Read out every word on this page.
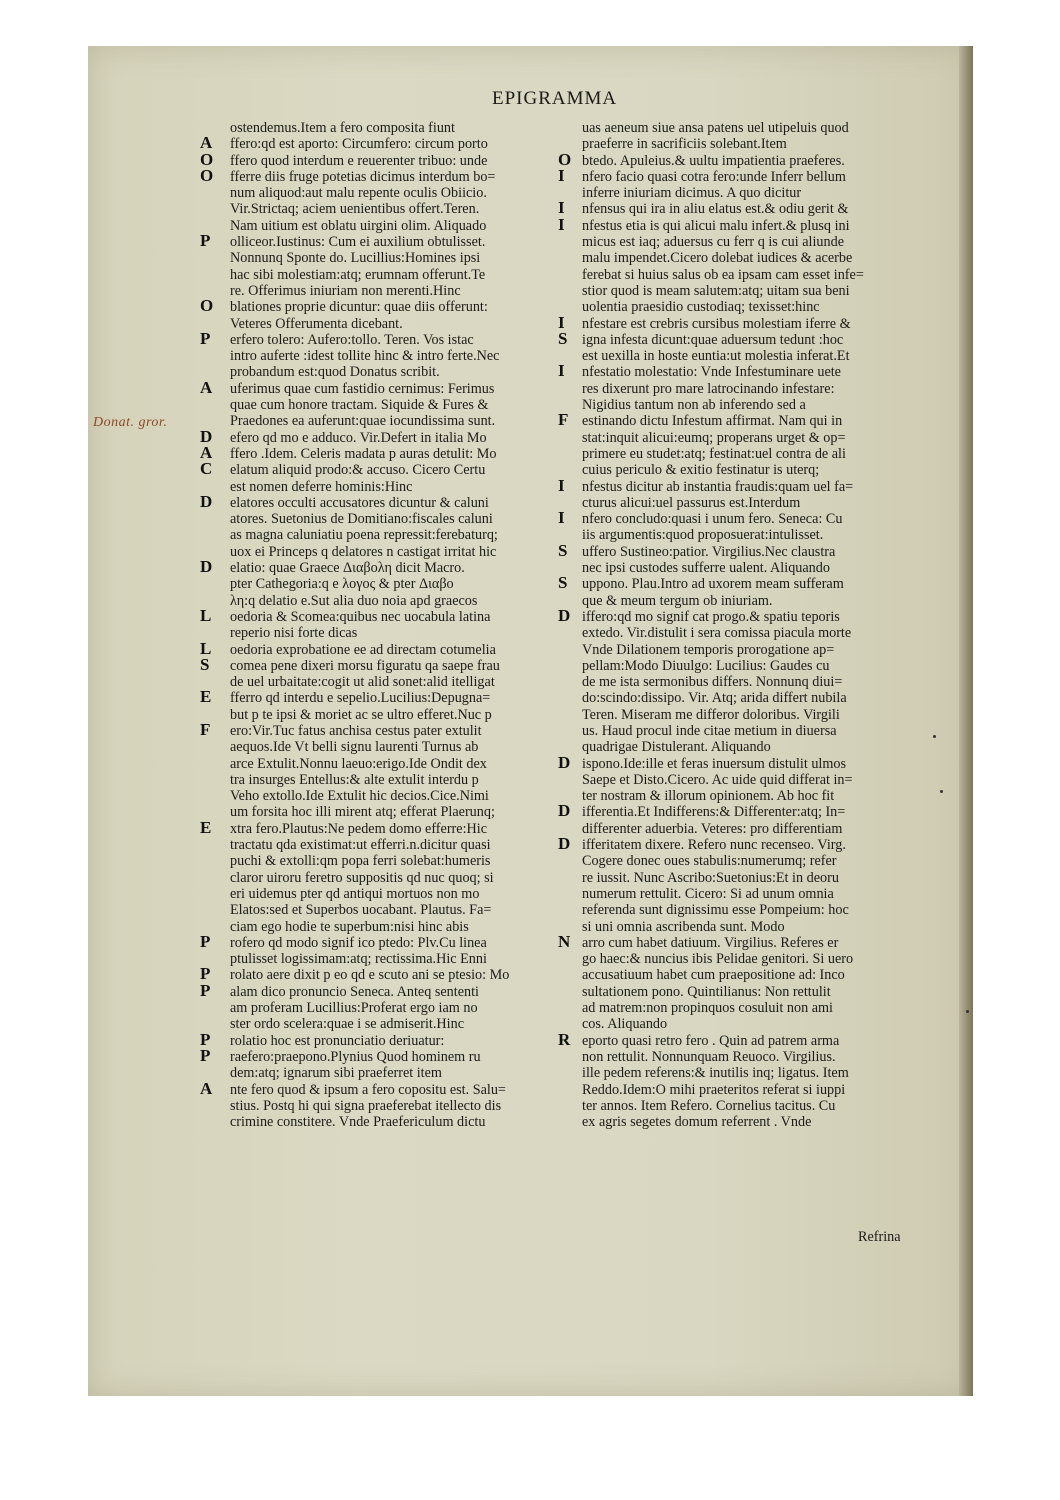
EPIGRAMMA
Donat. gror.
ostendemus.Item a fero composita fiunt
A ffero:qd est aporto: Circumfero: circum porto
O ffero quod interdum e reuerenter tribuo: unde
O fferre diis fruge potetias dicimus interdum bo=
num aliquod:aut malu repente oculis Obiicio.
Vir.Strictaq; aciem uenientibus offert.Teren.
Nam uitium est oblatu uirgini olim. Aliquado
P olliceor.Iustinus: Cum ei auxilium obtulisset.
Nonnunq Sponte do. Lucillius:Homines ipsi
hac sibi molestiam:atq; erumnam offerunt.Te
re. Offerimus iniuriam non merenti.Hinc
O blationes proprie dicuntur: quae diis offerunt:
Veteres Offerumenta dicebant.
P erfero tolero: Aufero:tollo. Teren. Vos istac
intro auferte :idest tollite hinc & intro ferte.Nec
probandum est:quod Donatus scribit.
A uferimus quae cum fastidio cernimus: Ferimus
quae cum honore tractam. Siquide & Fures &
Praedones ea auferunt:quae iocundissima sunt.
D efero qd mo e adduco. Vir.Defert in italia Mo
A ffero .Idem. Celeris madata p auras detulit: Mo
C elatum aliquid prodo:& accuso. Cicero Certu
est nomen deferre hominis:Hinc
D elatores occulti accusatores dicuntur & caluni
atores. Suetonius de Domitiano:fiscales caluni
as magna caluniatiu poena repressit:ferebaturq;
uox ei Princeps q delatores n castigat irritat hic
D elatio: quae Graece Διαβολη dicit Macro.
pter Cathegoria:q e λογος & pter Διαβο
λη:q delatio e.Sut alia duo noia apd graecos
L oedoria & Scomea:quibus nec uocabula latina
reperio nisi forte dicas
L oedoria exprobatione ee ad directam cotumelia
S comea pene dixeri morsu figuratu qa saepe frau
de uel urbaitate:cogit ut alid sonet:alid itelligat
E fferro qd interdu e sepelio.Lucilius:Depugna=
but p te ipsi & moriet ac se ultro efferet.Nuc p
F ero:Vir.Tuc fatus anchisa cestus pater extulit
aequos.Ide Vt belli signu laurenti Turnus ab
arce Extulit.Nonnu laeuo:erigo.Ide Ondit dex
tra insurges Entellus:& alte extulit interdu p
Veho extollo.Ide Extulit hic decios.Cice.Nimi
um forsita hoc illi mirent atq; efferat Plaerunq;
E xtra fero.Plautus:Ne pedem domo efferre:Hic
tractatu qda existimat:ut efferri.n.dicitur quasi
puchi & extolli:qm popa ferri solebat:humeris
claror uiroru feretro suppositis qd nuc quoq; si
eri uidemus pter qd antiqui mortuos non mo
Elatos:sed et Superbos uocabant. Plautus. Fa=
ciam ego hodie te superbum:nisi hinc abis
P rofero qd modo signif ico ptedo: Plv.Cu linea
ptulisset logissimam:atq; rectissima.Hic Enni
P rolato aere dixit p eo qd e scuto ani se ptesio: Mo
P alam dico pronuncio Seneca. Anteq sententi
am proferam Lucillius:Proferat ergo iam no
ster ordo scelera:quae i se admiserit.Hinc
P rolatio hoc est pronunciatio deriuatur:
P raefero:praepono.Plynius Quod hominem ru
dem:atq; ignarum sibi praeferret item
A nte fero quod & ipsum a fero copositu est. Salu=
stius. Postq hi qui signa praeferebat itellecto dis
crimine constitere. Vnde Praefericulum dictu
uas aeneum siue ansa patens uel utipeluis quod
praeferre in sacrificiis solebant.Item
O btedo. Apuleius.& uultu impatientia praeferes.
I nfero facio quasi cotra fero:unde Inferr bellum
inferre iniuriam dicimus. A quo dicitur
I nfensus qui ira in aliu elatus est.& odiu gerit &
I nfestus etia is qui alicui malu infert.& plusq ini
micus est iaq; aduersus cu ferr q is cui aliunde
malu impendet.Cicero dolebat iudices & acerbe
ferebat si huius salus ob ea ipsam cam esset infe=
stior quod is meam salutem:atq; uitam sua beni
uolentia praesidio custodiaq; texisset:hinc
I nfestare est crebris cursibus molestiam iferre &
S igna infesta dicunt:quae aduersum tedunt :hoc
est uexilla in hoste euntia:ut molestia inferat.Et
I nfestatio molestatio: Vnde Infestuminare uete
res dixerunt pro mare latrocinando infestare:
Nigidius tantum non ab inferendo sed a
F estinando dictu Infestum affirmat. Nam qui in
stat:inquit alicui:eumq; properans urget & op=
primere eu studet:atq; festinat:uel contra de ali
cuius periculo & exitio festinatur is uterq;
I nfestus dicitur ab instantia fraudis:quam uel fa=
cturus alicui:uel passurus est.Interdum
I nfero concludo:quasi i unum fero. Seneca: Cu
iis argumentis:quod proposuerat:intulisset.
S uffero Sustineo:patior. Virgilius.Nec claustra
nec ipsi custodes sufferre ualent. Aliquando
S uppono. Plau.Intro ad uxorem meam sufferam
que & meum tergum ob iniuriam.
D iffero:qd mo signif cat progo.& spatiu teporis
extedo. Vir.distulit i sera comissa piacula morte
Vnde Dilationem temporis prorogatione ap=
pellam:Modo Diuulgo: Lucilius: Gaudes cu
de me ista sermonibus differs. Nonnunq diui=
do:scindo:dissipo. Vir. Atq; arida differt nubila
Teren. Miseram me differor doloribus. Virgili
us. Haud procul inde citae metium in diuersa
quadrigae Distulerant. Aliquando
D ispono.Ide:ille et feras inuersum distulit ulmos
Saepe et Disto.Cicero. Ac uide quid differat in=
ter nostram & illorum opinionem. Ab hoc fit
D ifferentia.Et Indifferens:& Differenter:atq; In=
differenter aduerbia. Veteres: pro differentiam
D ifferitatem dixere. Refero nunc recenseo. Virg.
Cogere donec oues stabulis:numerumq; refer
re iussit. Nunc Ascribo:Suetonius:Et in deoru
numerum rettulit. Cicero: Si ad unum omnia
referenda sunt dignissimu esse Pompeium: hoc
si uni omnia ascribenda sunt. Modo
N arro cum habet datiuum. Virgilius. Referes er
go haec:& nuncius ibis Pelidae genitori. Si uero
accusatiuum habet cum praepositione ad: Inco
sultationem pono. Quintilianus: Non rettulit
ad matrem:non propinquos cosuluit non ami
cos. Aliquando
R eporto quasi retro fero . Quin ad patrem arma
non rettulit. Nonnunquam Reuoco. Virgilius.
ille pedem referens:& inutilis inq; ligatus. Item
Reddo.Idem:O mihi praeteritos referat si iuppi
ter annos. Item Refero. Cornelius tacitus. Cu
ex agris segetes domum referrent . Vnde
Refrina
